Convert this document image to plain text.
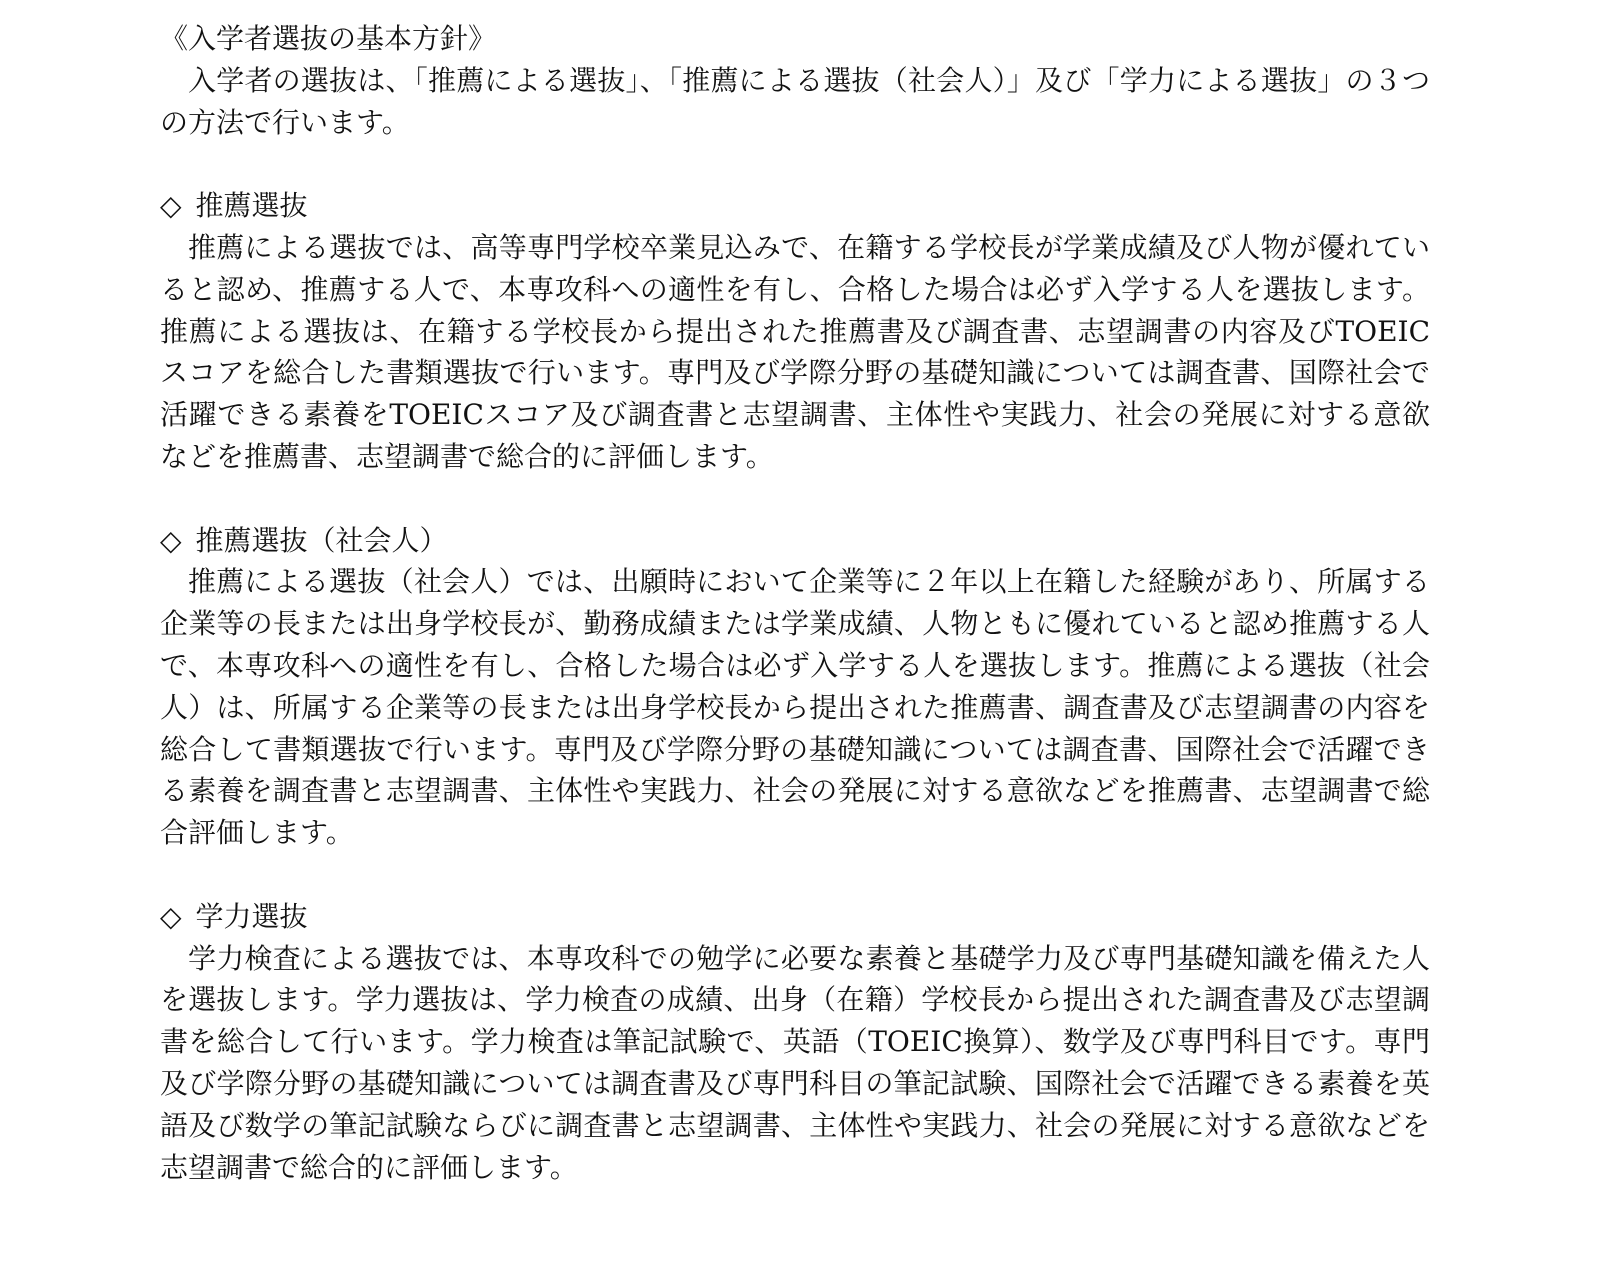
《入学者選抜の基本方針》

入学者の選抜は、「推薦による選抜」、「推薦による選抜（社会人）」及び「学力による選抜」の３つの方法で行います。

◇ 推薦選抜

推薦による選抜では、高等専門学校卒業見込みで、在籍する学校長が学業成績及び人物が優れていると認め、推薦する人で、本専攻科への適性を有し、合格した場合は必ず入学する人を選抜します。推薦による選抜は、在籍する学校長から提出された推薦書及び調査書、志望調書の内容及びTOEICスコアを総合した書類選抜で行います。専門及び学際分野の基礎知識については調査書、国際社会で活躍できる素養をTOEICスコア及び調査書と志望調書、主体性や実践力、社会の発展に対する意欲などを推薦書、志望調書で総合的に評価します。

◇ 推薦選抜（社会人）

推薦による選抜（社会人）では、出願時において企業等に２年以上在籍した経験があり、所属する企業等の長または出身学校長が、勤務成績または学業成績、人物ともに優れていると認め推薦する人で、本専攻科への適性を有し、合格した場合は必ず入学する人を選抜します。推薦による選抜（社会人）は、所属する企業等の長または出身学校長から提出された推薦書、調査書及び志望調書の内容を総合して書類選抜で行います。専門及び学際分野の基礎知識については調査書、国際社会で活躍できる素養を調査書と志望調書、主体性や実践力、社会の発展に対する意欲などを推薦書、志望調書で総合評価します。

◇ 学力選抜

学力検査による選抜では、本専攻科での勉学に必要な素養と基礎学力及び専門基礎知識を備えた人を選抜します。学力選抜は、学力検査の成績、出身（在籍）学校長から提出された調査書及び志望調書を総合して行います。学力検査は筆記試験で、英語（TOEIC換算）、数学及び専門科目です。専門及び学際分野の基礎知識については調査書及び専門科目の筆記試験、国際社会で活躍できる素養を英語及び数学の筆記試験ならびに調査書と志望調書、主体性や実践力、社会の発展に対する意欲などを志望調書で総合的に評価します。
